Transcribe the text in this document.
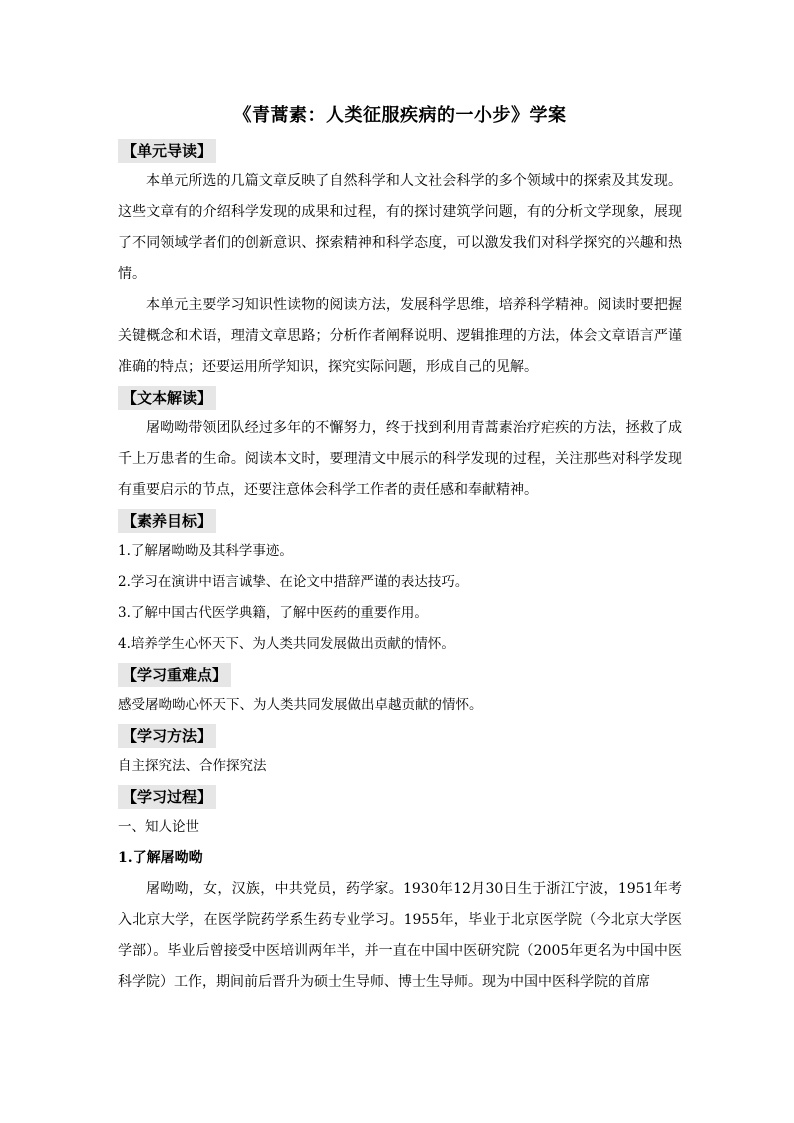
《青蒿素：人类征服疾病的一小步》学案
【单元导读】

本单元所选的几篇文章反映了自然科学和人文社会科学的多个领域中的探索及其发现。这些文章有的介绍科学发现的成果和过程，有的探讨建筑学问题，有的分析文学现象，展现了不同领域学者们的创新意识、探索精神和科学态度，可以激发我们对科学探究的兴趣和热情。

本单元主要学习知识性读物的阅读方法，发展科学思维，培养科学精神。阅读时要把握关键概念和术语，理清文章思路；分析作者阐释说明、逻辑推理的方法，体会文章语言严谨准确的特点；还要运用所学知识，探究实际问题，形成自己的见解。

【文本解读】

屠呦呦带领团队经过多年的不懈努力，终于找到利用青蒿素治疗疟疾的方法，拯救了成千上万患者的生命。阅读本文时，要理清文中展示的科学发现的过程，关注那些对科学发现有重要启示的节点，还要注意体会科学工作者的责任感和奉献精神。

【素养目标】

1.了解屠呦呦及其科学事迹。

2.学习在演讲中语言诚挚、在论文中措辞严谨的表达技巧。

3.了解中国古代医学典籍，了解中医药的重要作用。

4.培养学生心怀天下、为人类共同发展做出贡献的情怀。

【学习重难点】

感受屠呦呦心怀天下、为人类共同发展做出卓越贡献的情怀。

【学习方法】

自主探究法、合作探究法

【学习过程】

一、知人论世

1.了解屠呦呦

屠呦呦，女，汉族，中共党员，药学家。1930年12月30日生于浙江宁波，1951年考入北京大学，在医学院药学系生药专业学习。1955年，毕业于北京医学院（今北京大学医学部）。毕业后曾接受中医培训两年半，并一直在中国中医研究院（2005年更名为中国中医科学院）工作，期间前后晋升为硕士生导师、博士生导师。现为中国中医科学院的首席
